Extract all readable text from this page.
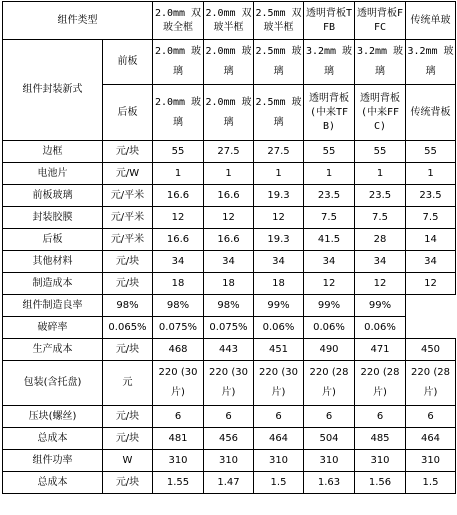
组件类型		2.0mm 双玻全框	2.0mm 双玻半框	2.5mm 双玻半框	透明背板TFB	透明背板FFC	传统单玻
组件封装新式	前板	2.0mm 玻璃	2.0mm 玻璃	2.5mm 玻璃	3.2mm 玻璃	3.2mm 玻璃	3.2mm 玻璃
	后板	2.0mm 玻璃	2.0mm 玻璃	2.5mm 玻璃	透明背板(中来TFB)	透明背板(中来FFC)	传统背板
边框	元/块	55	27.5	27.5	55	55	55
电池片	元/W	1	1	1	1	1	1
前板玻璃	元/平米	16.6	16.6	19.3	23.5	23.5	23.5
封装胶膜	元/平米	12	12	12	7.5	7.5	7.5
后板	元/平米	16.6	16.6	19.3	41.5	28	14
其他材料	元/块	34	34	34	34	34	34
制造成本	元/块	18	18	18	12	12	12
组件制造良率	98%	98%	98%	99%	99%	99%	
破碎率	0.065%	0.075%	0.075%	0.06%	0.06%	0.06%	
生产成本	元/块	468	443	451	490	471	450
包装(含托盘)	元	220 (30片)	220 (30片)	220 (30片)	220 (28片)	220 (28片)	220 (28片)
压块(螺丝)	元/块	6	6	6	6	6	6
总成本	元/块	481	456	464	504	485	464
组件功率	W	310	310	310	310	310	310
总成本	元/块	1.55	1.47	1.5	1.63	1.56	1.5
